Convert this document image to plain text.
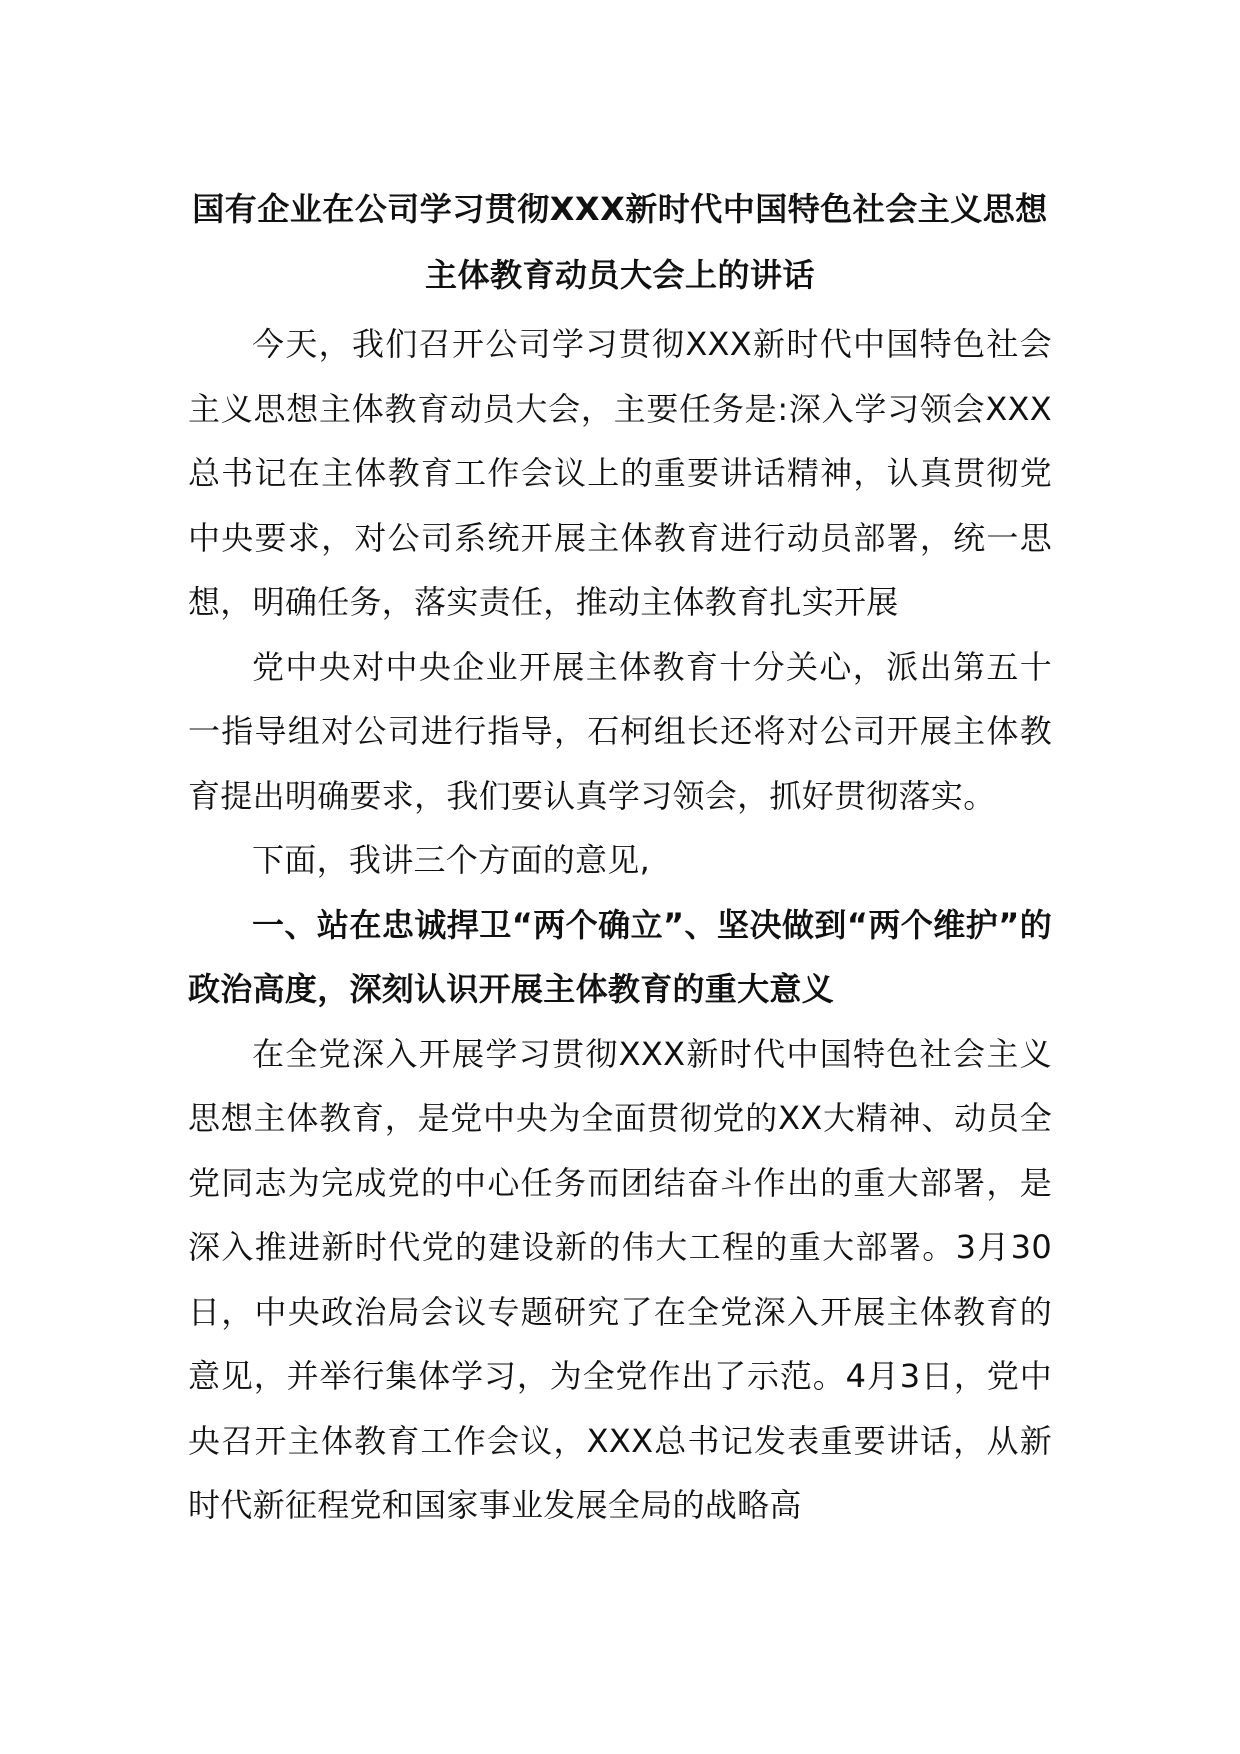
国有企业在公司学习贯彻XXX新时代中国特色社会主义思想主体教育动员大会上的讲话

今天，我们召开公司学习贯彻XXX新时代中国特色社会主义思想主体教育动员大会，主要任务是:深入学习领会XXX总书记在主体教育工作会议上的重要讲话精神，认真贯彻党中央要求，对公司系统开展主体教育进行动员部署，统一思想，明确任务，落实责任，推动主体教育扎实开展

党中央对中央企业开展主体教育十分关心，派出第五十一指导组对公司进行指导，石柯组长还将对公司开展主体教育提出明确要求，我们要认真学习领会，抓好贯彻落实。

下面，我讲三个方面的意见,

一、站在忠诚捍卫“两个确立”、坚决做到“两个维护”的政治高度，深刻认识开展主体教育的重大意义

在全党深入开展学习贯彻XXX新时代中国特色社会主义思想主体教育，是党中央为全面贯彻党的XX大精神、动员全党同志为完成党的中心任务而团结奋斗作出的重大部署，是深入推进新时代党的建设新的伟大工程的重大部署。3月30日，中央政治局会议专题研究了在全党深入开展主体教育的意见，并举行集体学习，为全党作出了示范。4月3日，党中央召开主体教育工作会议，XXX总书记发表重要讲话，从新时代新征程党和国家事业发展全局的战略高
